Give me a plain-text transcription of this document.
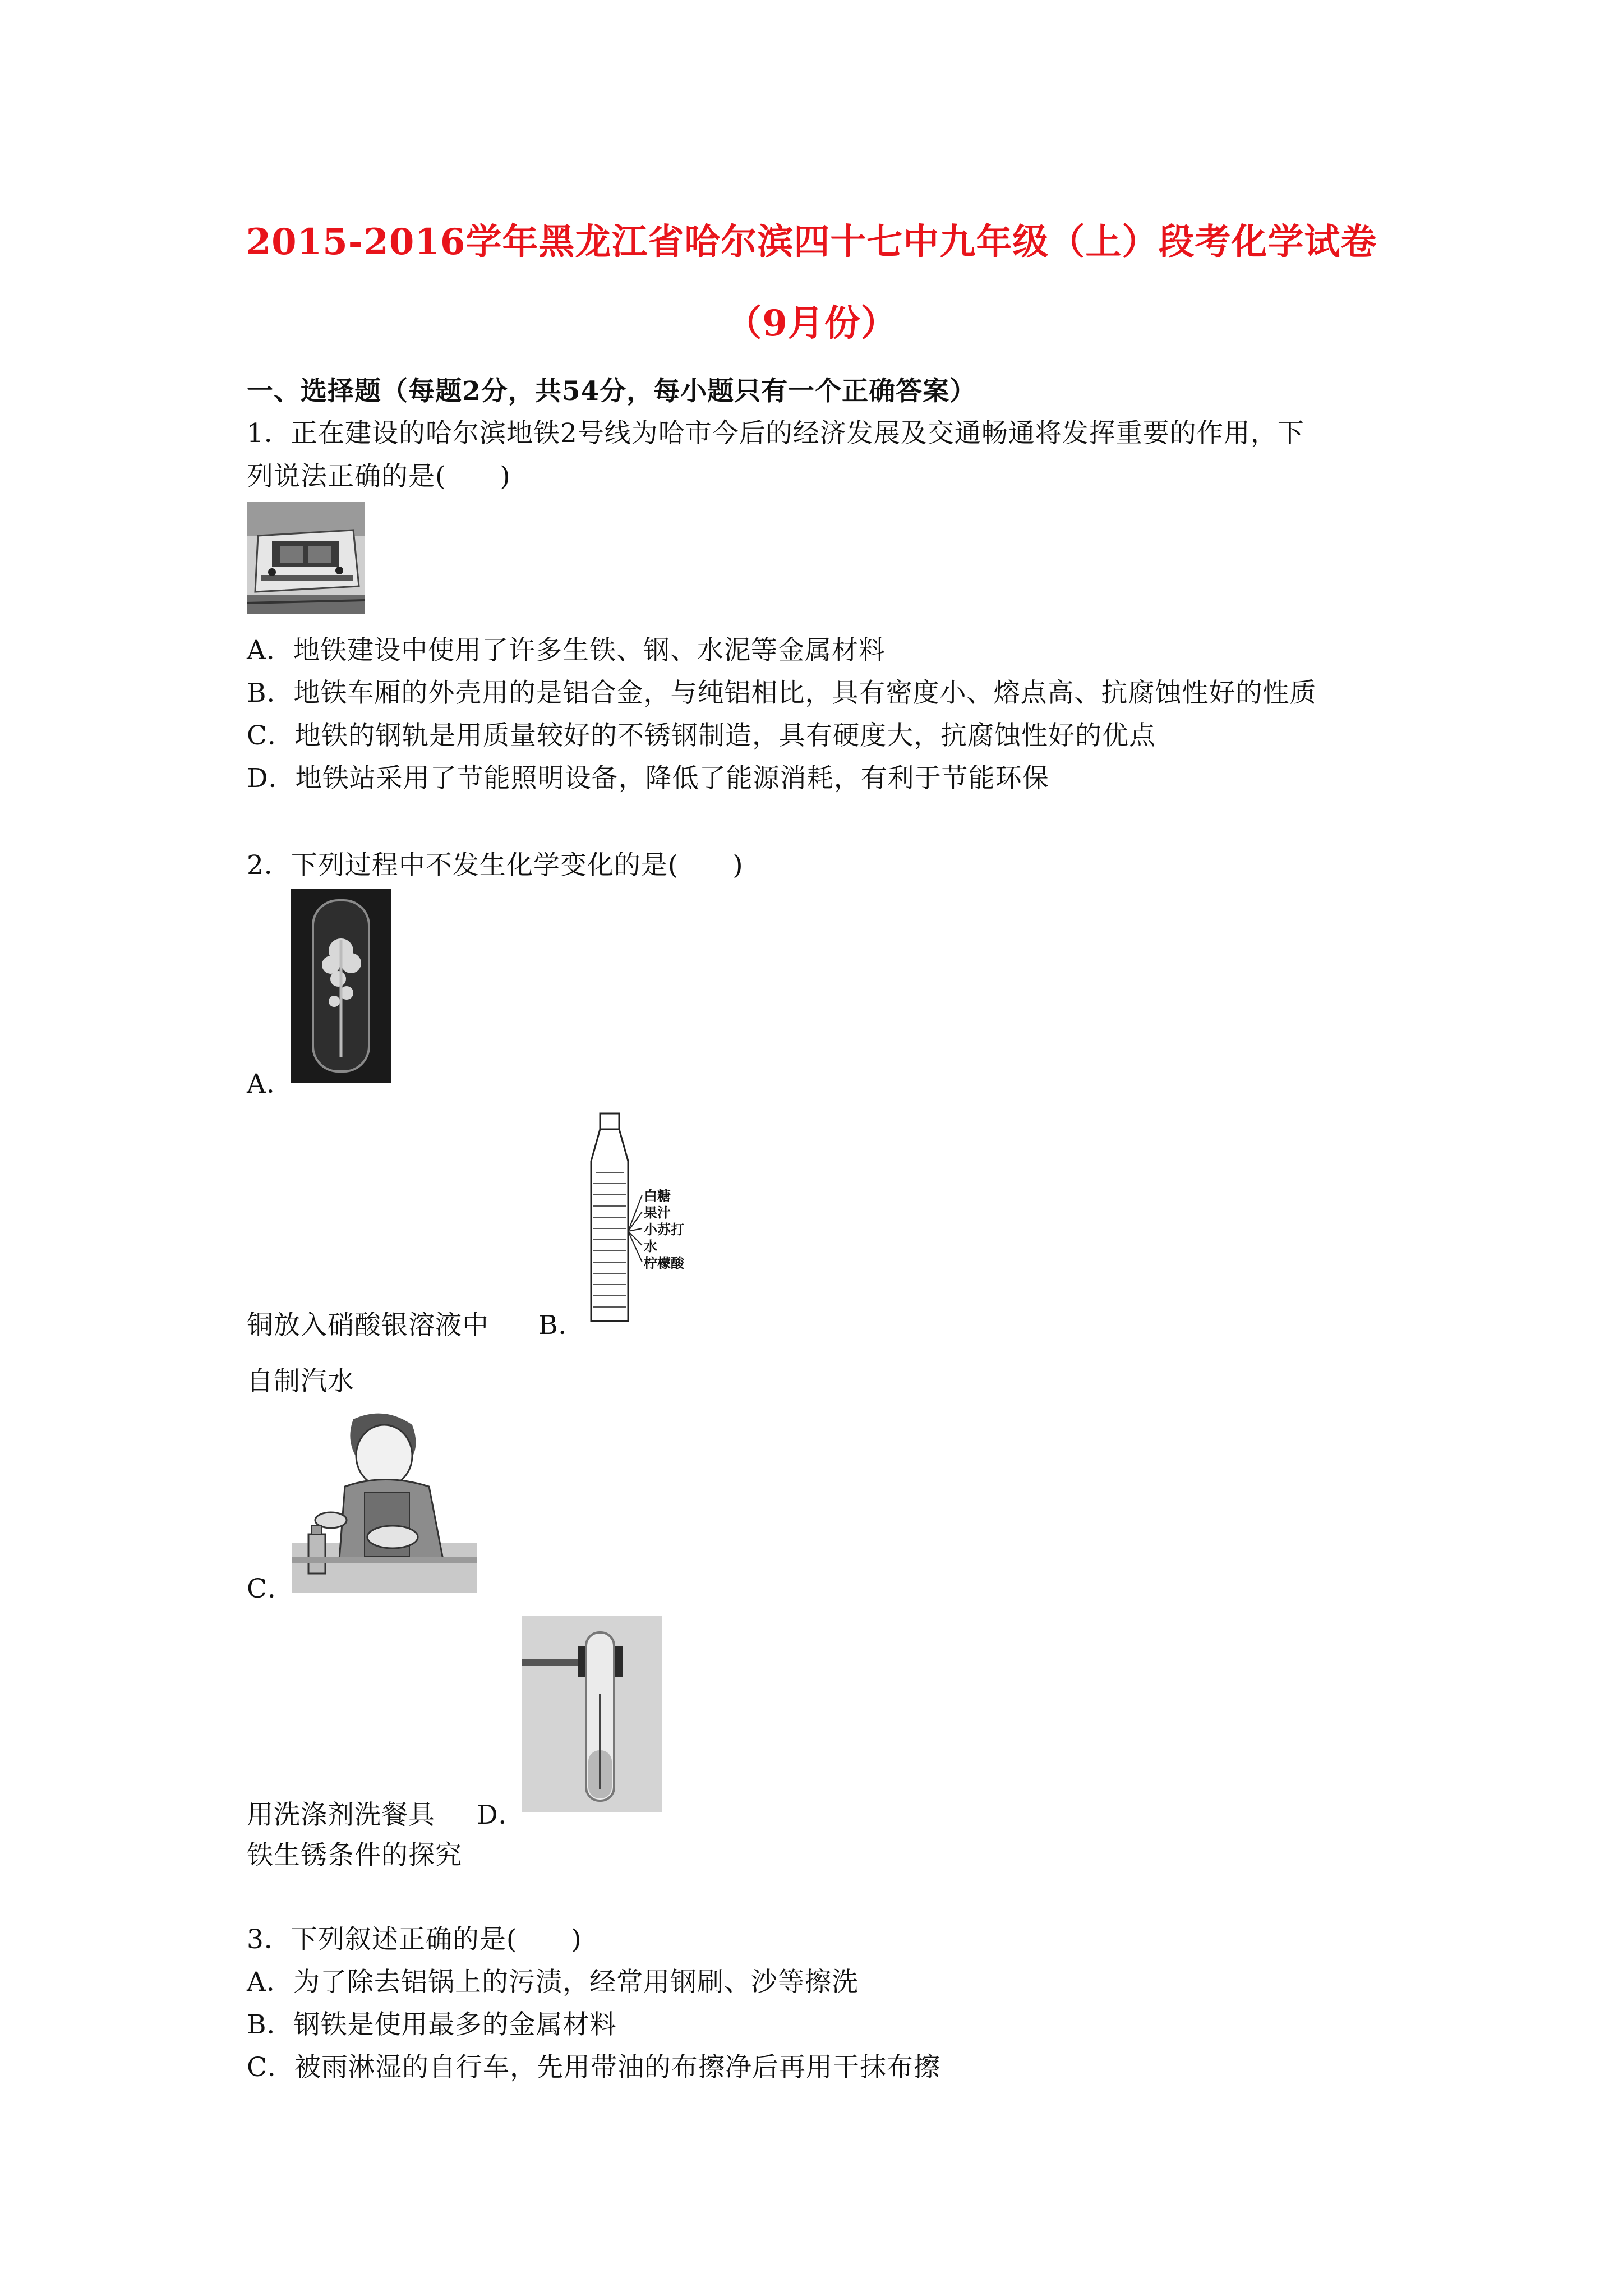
2015-2016学年黑龙江省哈尔滨四十七中九年级（上）段考化学试卷
（9月份）
一、选择题（每题2分，共54分，每小题只有一个正确答案）
1．正在建设的哈尔滨地铁2号线为哈市今后的经济发展及交通畅通将发挥重要的作用，下
列说法正确的是(　　)
A．地铁建设中使用了许多生铁、钢、水泥等金属材料
B．地铁车厢的外壳用的是铝合金，与纯铝相比，具有密度小、熔点高、抗腐蚀性好的性质
C．地铁的钢轨是用质量较好的不锈钢制造，具有硬度大，抗腐蚀性好的优点
D．地铁站采用了节能照明设备，降低了能源消耗，有利于节能环保
2．下列过程中不发生化学变化的是(　　)
A．
白糖
果汁
小苏打
水
柠檬酸
铜放入硝酸银溶液中 B．
自制汽水
C．
用洗涤剂洗餐具 D．
铁生锈条件的探究
3．下列叙述正确的是(　　)
A．为了除去铝锅上的污渍，经常用钢刷、沙等擦洗
B．钢铁是使用最多的金属材料
C．被雨淋湿的自行车，先用带油的布擦净后再用干抹布擦
